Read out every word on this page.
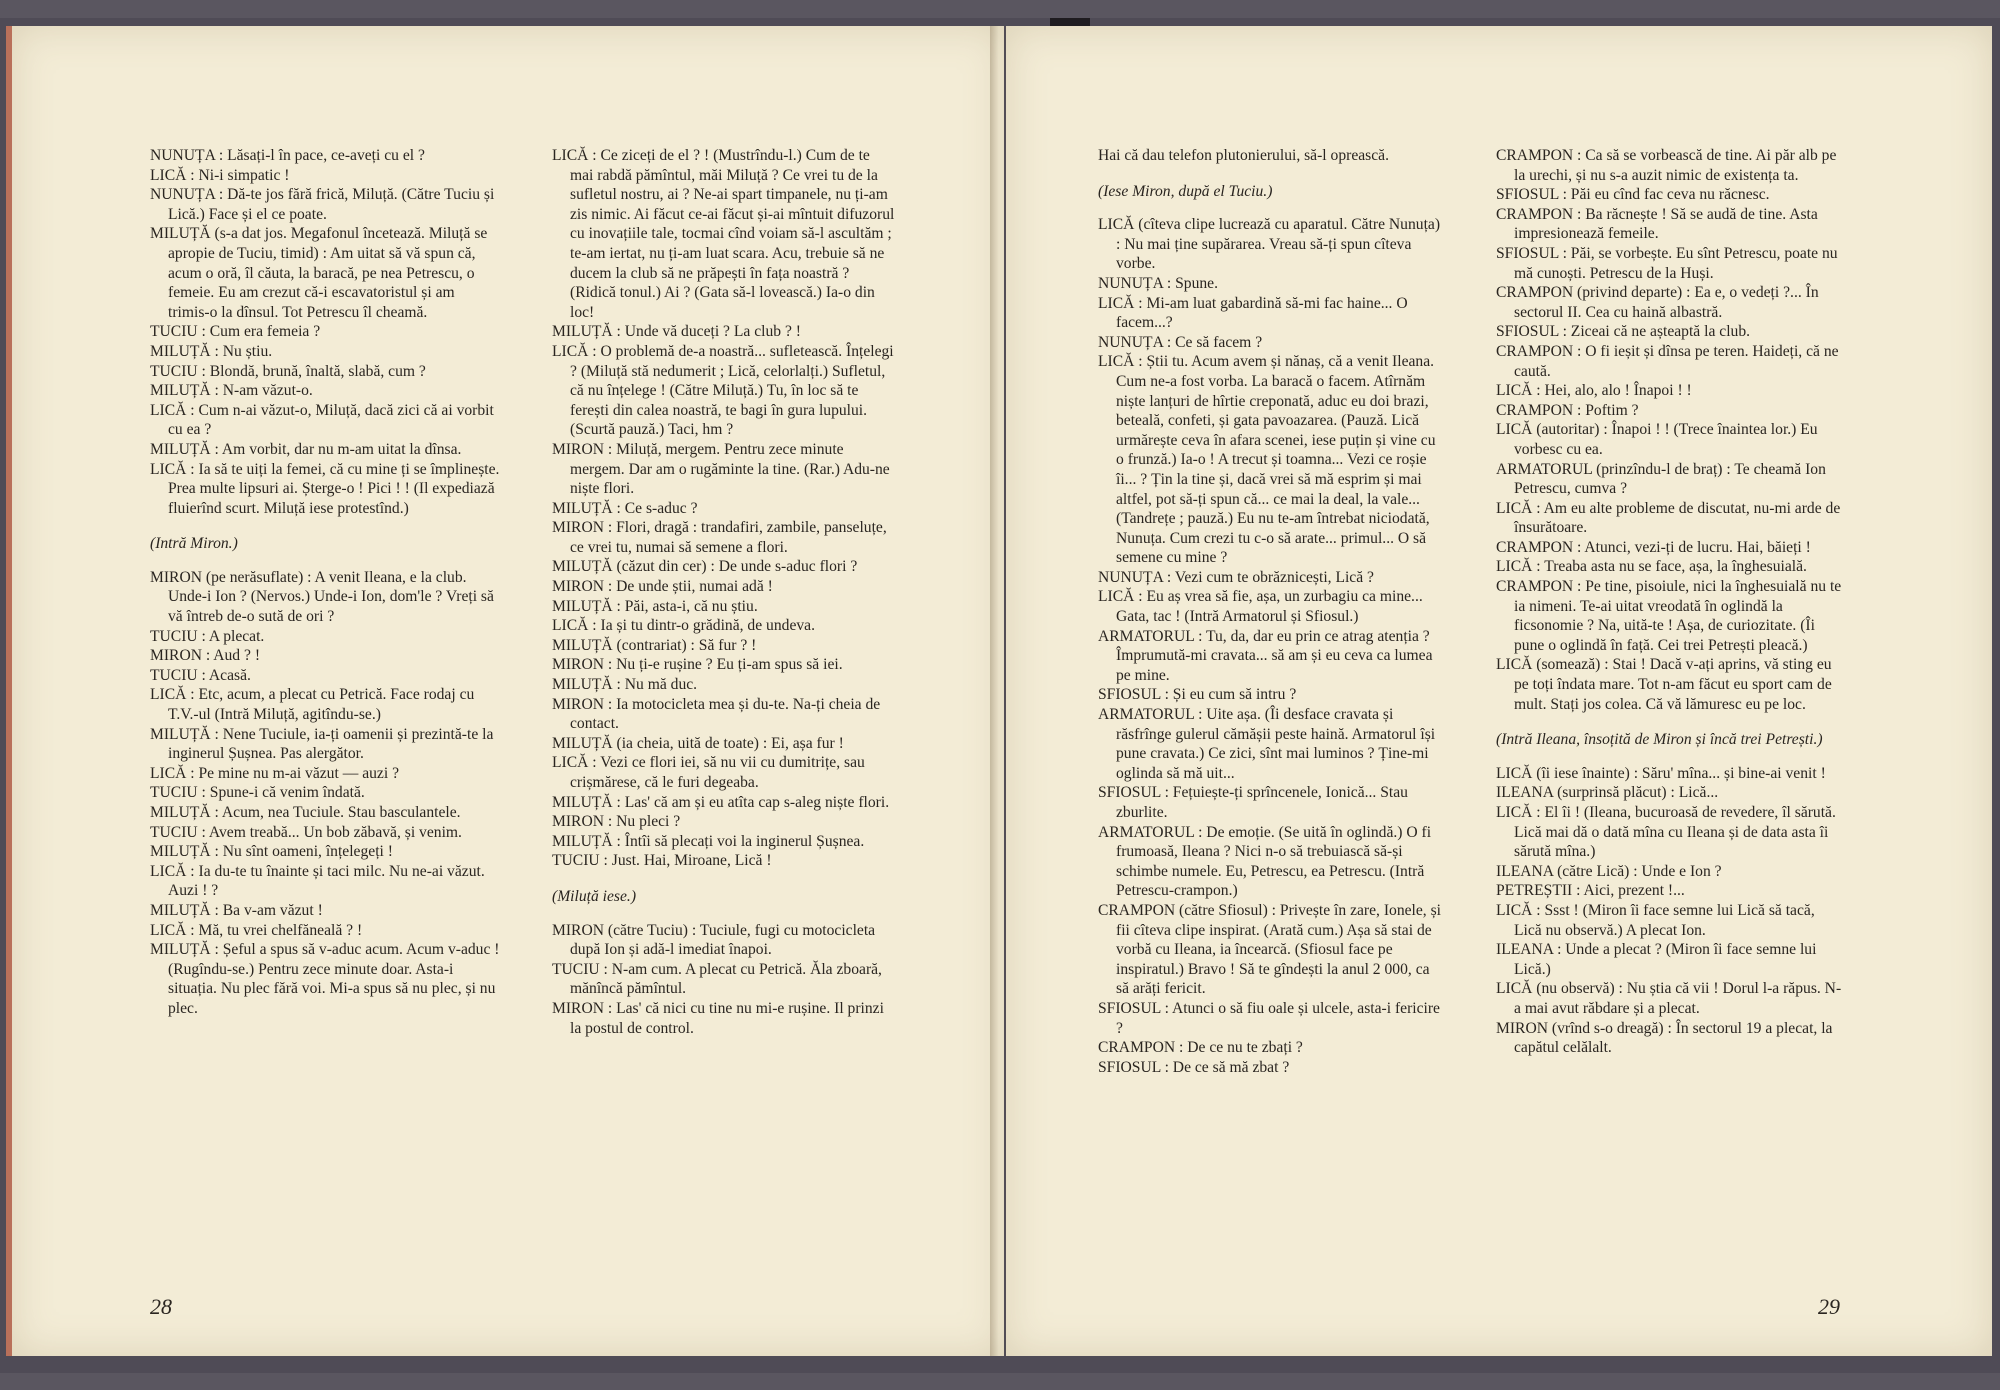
NUNUȚA : Lăsați-l în pace, ce-aveți cu el ?

LICĂ : Ni-i simpatic !

NUNUȚA : Dă-te jos fără frică, Miluță. (Către Tuciu și Lică.) Face și el ce poate.

MILUȚĂ (s-a dat jos. Megafonul încetează. Miluță se apropie de Tuciu, timid) : Am uitat să vă spun că, acum o oră, îl căuta, la baracă, pe nea Petrescu, o femeie. Eu am crezut că-i escavatoristul și am trimis-o la dînsul. Tot Petrescu îl cheamă.

TUCIU : Cum era femeia ?

MILUȚĂ : Nu știu.

TUCIU : Blondă, brună, înaltă, slabă, cum ?

MILUȚĂ : N-am văzut-o.

LICĂ : Cum n-ai văzut-o, Miluță, dacă zici că ai vorbit cu ea ?

MILUȚĂ : Am vorbit, dar nu m-am uitat la dînsa.

LICĂ : Ia să te uiți la femei, că cu mine ți se împlinește. Prea multe lipsuri ai. Șterge-o ! Pici ! ! (Il expediază fluierînd scurt. Miluță iese protestînd.)

(Intră Miron.)

MIRON (pe nerăsuflate) : A venit Ileana, e la club. Unde-i Ion ? (Nervos.) Unde-i Ion, dom'le ? Vreți să vă întreb de-o sută de ori ?

TUCIU : A plecat.

MIRON : Aud ? !

TUCIU : Acasă.

LICĂ : Etc, acum, a plecat cu Petrică. Face rodaj cu T.V.-ul (Intră Miluță, agitîndu-se.)

MILUȚĂ : Nene Tuciule, ia-ți oamenii și prezintă-te la inginerul Șușnea. Pas alergător.

LICĂ : Pe mine nu m-ai văzut — auzi ?

TUCIU : Spune-i că venim îndată.

MILUȚĂ : Acum, nea Tuciule. Stau basculantele.

TUCIU : Avem treabă... Un bob zăbavă, și venim.

MILUȚĂ : Nu sînt oameni, înțelegeți !

LICĂ : Ia du-te tu înainte și taci milc. Nu ne-ai văzut. Auzi ! ?

MILUȚĂ : Ba v-am văzut !

LICĂ : Mă, tu vrei chelfăneală ? !

MILUȚĂ : Șeful a spus să v-aduc acum. Acum v-aduc ! (Rugîndu-se.) Pentru zece minute doar. Asta-i situația. Nu plec fără voi. Mi-a spus să nu plec, și nu plec.

LICĂ : Ce ziceți de el ? ! (Mustrîndu-l.) Cum de te mai rabdă pămîntul, măi Miluță ? Ce vrei tu de la sufletul nostru, ai ? Ne-ai spart timpanele, nu ți-am zis nimic. Ai făcut ce-ai făcut și-ai mîntuit difuzorul cu inovațiile tale, tocmai cînd voiam să-l ascultăm ; te-am iertat, nu ți-am luat scara. Acu, trebuie să ne ducem la club să ne prăpești în fața noastră ? (Ridică tonul.) Ai ? (Gata să-l lovească.) Ia-o din loc!

MILUȚĂ : Unde vă duceți ? La club ? !

LICĂ : O problemă de-a noastră... sufletească. Înțelegi ? (Miluță stă nedumerit ; Lică, celorlalți.) Sufletul, că nu înțelege ! (Către Miluță.) Tu, în loc să te ferești din calea noastră, te bagi în gura lupului. (Scurtă pauză.) Taci, hm ?

MIRON : Miluță, mergem. Pentru zece minute mergem. Dar am o rugăminte la tine. (Rar.) Adu-ne niște flori.

MILUȚĂ : Ce s-aduc ?

MIRON : Flori, dragă : trandafiri, zambile, panseluțe, ce vrei tu, numai să semene a flori.

MILUȚĂ (căzut din cer) : De unde s-aduc flori ?

MIRON : De unde știi, numai adă !

MILUȚĂ : Păi, asta-i, că nu știu.

LICĂ : Ia și tu dintr-o grădină, de undeva.

MILUȚĂ (contrariat) : Să fur ? !

MIRON : Nu ți-e rușine ? Eu ți-am spus să iei.

MILUȚĂ : Nu mă duc.

MIRON : Ia motocicleta mea și du-te. Na-ți cheia de contact.

MILUȚĂ (ia cheia, uită de toate) : Ei, așa fur !

LICĂ : Vezi ce flori iei, să nu vii cu dumitrițe, sau crișmărese, că le furi degeaba.

MILUȚĂ : Las' că am și eu atîta cap s-aleg niște flori.

MIRON : Nu pleci ?

MILUȚĂ : Întîi să plecați voi la inginerul Șușnea.

TUCIU : Just. Hai, Miroane, Lică !

(Miluță iese.)

MIRON (către Tuciu) : Tuciule, fugi cu motocicleta după Ion și adă-l imediat înapoi.

TUCIU : N-am cum. A plecat cu Petrică. Ăla zboară, mănîncă pămîntul.

MIRON : Las' că nici cu tine nu mi-e rușine. Il prinzi la postul de control.

28

Hai că dau telefon plutonierului, să-l oprească.

(Iese Miron, după el Tuciu.)

LICĂ (cîteva clipe lucrează cu aparatul. Către Nunuța) : Nu mai ține supărarea. Vreau să-ți spun cîteva vorbe.

NUNUȚA : Spune.

LICĂ : Mi-am luat gabardină să-mi fac haine... O facem...?

NUNUȚA : Ce să facem ?

LICĂ : Știi tu. Acum avem și nănaș, că a venit Ileana. Cum ne-a fost vorba. La baracă o facem. Atîrnăm niște lanțuri de hîrtie creponată, aduc eu doi brazi, beteală, confeti, și gata pavoazarea. (Pauză. Lică urmărește ceva în afara scenei, iese puțin și vine cu o frunză.) Ia-o ! A trecut și toamna... Vezi ce roșie îi... ? Țin la tine și, dacă vrei să mă esprim și mai altfel, pot să-ți spun că... ce mai la deal, la vale... (Tandrețe ; pauză.) Eu nu te-am întrebat niciodată, Nunuța. Cum crezi tu c-o să arate... primul... O să semene cu mine ?

NUNUȚA : Vezi cum te obrăznicești, Lică ?

LICĂ : Eu aș vrea să fie, așa, un zurbagiu ca mine... Gata, tac ! (Intră Armatorul și Sfiosul.)

ARMATORUL : Tu, da, dar eu prin ce atrag atenția ? Împrumută-mi cravata... să am și eu ceva ca lumea pe mine.

SFIOSUL : Și eu cum să intru ?

ARMATORUL : Uite așa. (Îi desface cravata și răsfrînge gulerul cămășii peste haină. Armatorul își pune cravata.) Ce zici, sînt mai luminos ? Ține-mi oglinda să mă uit...

SFIOSUL : Fețuiește-ți sprîncenele, Ionică... Stau zburlite.

ARMATORUL : De emoție. (Se uită în oglindă.) O fi frumoasă, Ileana ? Nici n-o să trebuiască să-și schimbe numele. Eu, Petrescu, ea Petrescu. (Intră Petrescu-crampon.)

CRAMPON (către Sfiosul) : Privește în zare, Ionele, și fii cîteva clipe inspirat. (Arată cum.) Așa să stai de vorbă cu Ileana, ia încearcă. (Sfiosul face pe inspiratul.) Bravo ! Să te gîndești la anul 2 000, ca să arăți fericit.

SFIOSUL : Atunci o să fiu oale și ulcele, asta-i fericire ?

CRAMPON : De ce nu te zbați ?

SFIOSUL : De ce să mă zbat ?

CRAMPON : Ca să se vorbească de tine. Ai păr alb pe la urechi, și nu s-a auzit nimic de existența ta.

SFIOSUL : Păi eu cînd fac ceva nu răcnesc.

CRAMPON : Ba răcnește ! Să se audă de tine. Asta impresionează femeile.

SFIOSUL : Păi, se vorbește. Eu sînt Petrescu, poate nu mă cunoști. Petrescu de la Huși.

CRAMPON (privind departe) : Ea e, o vedeți ?... În sectorul II. Cea cu haină albastră.

SFIOSUL : Ziceai că ne așteaptă la club.

CRAMPON : O fi ieșit și dînsa pe teren. Haideți, că ne caută.

LICĂ : Hei, alo, alo ! Înapoi ! !

CRAMPON : Poftim ?

LICĂ (autoritar) : Înapoi ! ! (Trece înaintea lor.) Eu vorbesc cu ea.

ARMATORUL (prinzîndu-l de braț) : Te cheamă Ion Petrescu, cumva ?

LICĂ : Am eu alte probleme de discutat, nu-mi arde de însurătoare.

CRAMPON : Atunci, vezi-ți de lucru. Hai, băieți !

LICĂ : Treaba asta nu se face, așa, la înghesuială.

CRAMPON : Pe tine, pisoiule, nici la înghesuială nu te ia nimeni. Te-ai uitat vreodată în oglindă la ficsonomie ? Na, uită-te ! Așa, de curiozitate. (Îi pune o oglindă în față. Cei trei Petrești pleacă.)

LICĂ (somează) : Stai ! Dacă v-ați aprins, vă sting eu pe toți îndata mare. Tot n-am făcut eu sport cam de mult. Stați jos colea. Că vă lămuresc eu pe loc.

(Intră Ileana, însoțită de Miron și încă trei Petrești.)

LICĂ (îi iese înainte) : Săru' mîna... și bine-ai venit !

ILEANA (surprinsă plăcut) : Lică...

LICĂ : El îi ! (Ileana, bucuroasă de revedere, îl sărută. Lică mai dă o dată mîna cu Ileana și de data asta îi sărută mîna.)

ILEANA (către Lică) : Unde e Ion ?

PETREȘTII : Aici, prezent !...

LICĂ : Ssst ! (Miron îi face semne lui Lică să tacă, Lică nu observă.) A plecat Ion.

ILEANA : Unde a plecat ? (Miron îi face semne lui Lică.)

LICĂ (nu observă) : Nu știa că vii ! Dorul l-a răpus. N-a mai avut răbdare și a plecat.

MIRON (vrînd s-o dreagă) : În sectorul 19 a plecat, la capătul celălalt.

29
